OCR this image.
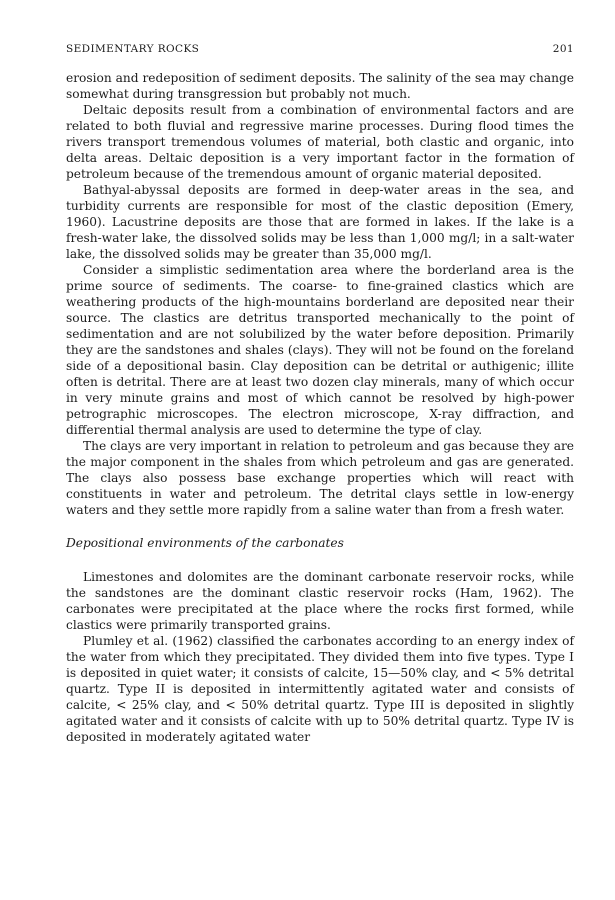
SEDIMENTARY ROCKS	201

erosion and redeposition of sediment deposits. The salinity of the sea may change somewhat during transgression but probably not much.

Deltaic deposits result from a combination of environmental factors and are related to both fluvial and regressive marine processes. During flood times the rivers transport tremendous volumes of material, both clastic and organic, into delta areas. Deltaic deposition is a very important factor in the formation of petroleum because of the tremendous amount of organic material deposited.

Bathyal-abyssal deposits are formed in deep-water areas in the sea, and turbidity currents are responsible for most of the clastic deposition (Emery, 1960). Lacustrine deposits are those that are formed in lakes. If the lake is a fresh-water lake, the dissolved solids may be less than 1,000 mg/l; in a salt-water lake, the dissolved solids may be greater than 35,000 mg/l.

Consider a simplistic sedimentation area where the borderland area is the prime source of sediments. The coarse- to fine-grained clastics which are weathering products of the high-mountains borderland are deposited near their source. The clastics are detritus transported mechanically to the point of sedimentation and are not solubilized by the water before deposition. Primarily they are the sandstones and shales (clays). They will not be found on the foreland side of a depositional basin. Clay deposition can be detrital or authigenic; illite often is detrital. There are at least two dozen clay minerals, many of which occur in very minute grains and most of which cannot be resolved by high-power petrographic microscopes. The electron microscope, X-ray diffraction, and differential thermal analysis are used to determine the type of clay.

The clays are very important in relation to petroleum and gas because they are the major component in the shales from which petroleum and gas are generated. The clays also possess base exchange properties which will react with constituents in water and petroleum. The detrital clays settle in low-energy waters and they settle more rapidly from a saline water than from a fresh water.

Depositional environments of the carbonates

Limestones and dolomites are the dominant carbonate reservoir rocks, while the sandstones are the dominant clastic reservoir rocks (Ham, 1962). The carbonates were precipitated at the place where the rocks first formed, while clastics were primarily transported grains.

Plumley et al. (1962) classified the carbonates according to an energy index of the water from which they precipitated. They divided them into five types. Type I is deposited in quiet water; it consists of calcite, 15—50% clay, and < 5% detrital quartz. Type II is deposited in intermittently agitated water and consists of calcite, < 25% clay, and < 50% detrital quartz. Type III is deposited in slightly agitated water and it consists of calcite with up to 50% detrital quartz. Type IV is deposited in moderately agitated water
